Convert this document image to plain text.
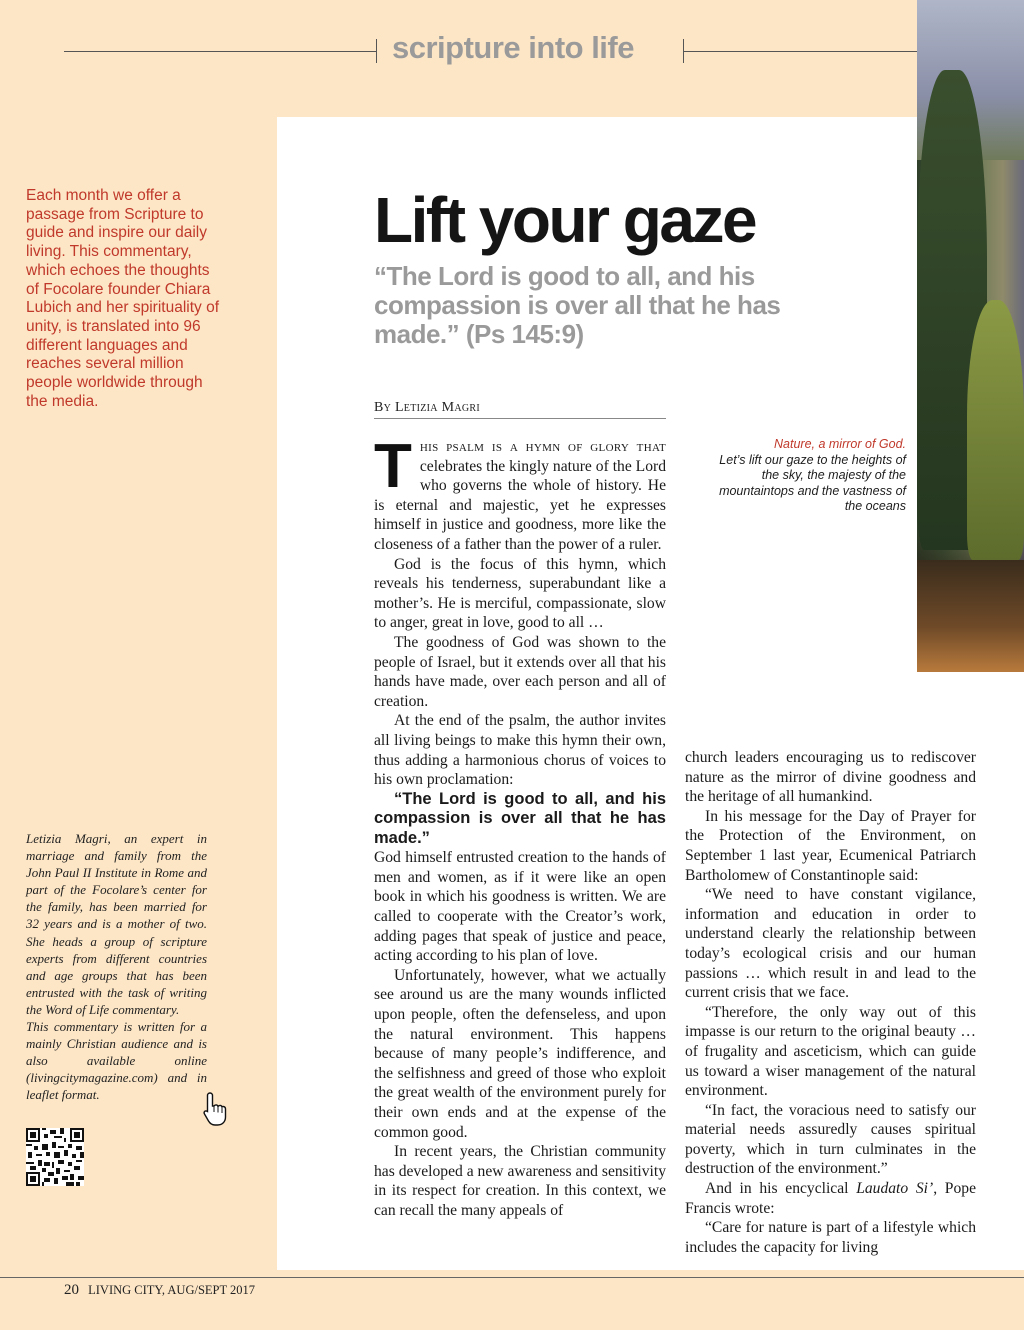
scripture into life

Each month we offer a passage from Scripture to guide and inspire our daily living. This commentary, which echoes the thoughts of Focolare founder Chiara Lubich and her spirituality of unity, is translated into 96 different languages and reaches several million people worldwide through the media.

Lift your gaze

“The Lord is good to all, and his compassion is over all that he has made.” (Ps 145:9)

By Letizia Magri

Nature, a mirror of God.
Let’s lift our gaze to the heights of the sky, the majesty of the mountaintops and the vastness of the oceans

This psalm is a hymn of glory that celebrates the kingly nature of the Lord who governs the whole of history. He is eternal and majestic, yet he expresses himself in justice and goodness, more like the closeness of a father than the power of a ruler.

God is the focus of this hymn, which reveals his tenderness, superabundant like a mother’s. He is merciful, compassionate, slow to anger, great in love, good to all …

The goodness of God was shown to the people of Israel, but it extends over all that his hands have made, over each person and all of creation.

At the end of the psalm, the author invites all living beings to make this hymn their own, thus adding a harmonious chorus of voices to his own proclamation:

“The Lord is good to all, and his compassion is over all that he has made.”

God himself entrusted creation to the hands of men and women, as if it were like an open book in which his goodness is written. We are called to cooperate with the Creator’s work, adding pages that speak of justice and peace, acting according to his plan of love.

Unfortunately, however, what we actually see around us are the many wounds inflicted upon people, often the defenseless, and upon the natural environment. This happens because of many people’s indifference, and the selfishness and greed of those who exploit the great wealth of the environment purely for their own ends and at the expense of the common good.

In recent years, the Christian community has developed a new awareness and sensitivity in its respect for creation. In this context, we can recall the many appeals of

church leaders encouraging us to rediscover nature as the mirror of divine goodness and the heritage of all humankind.

In his message for the Day of Prayer for the Protection of the Environment, on September 1 last year, Ecumenical Patriarch Bartholomew of Constantinople said:

“We need to have constant vigilance, information and education in order to understand clearly the relationship between today’s ecological crisis and our human passions … which result in and lead to the current crisis that we face.

“Therefore, the only way out of this impasse is our return to the original beauty … of frugality and asceticism, which can guide us toward a wiser management of the natural environment.

“In fact, the voracious need to satisfy our material needs assuredly causes spiritual poverty, which in turn culminates in the destruction of the environment.”

And in his encyclical Laudato Si’, Pope Francis wrote:

“Care for nature is part of a lifestyle which includes the capacity for living

Letizia Magri, an expert in marriage and family from the John Paul II Institute in Rome and part of the Focolare’s center for the family, has been married for 32 years and is a mother of two. She heads a group of scripture experts from different countries and age groups that has been entrusted with the task of writing the Word of Life commentary.
This commentary is written for a mainly Christian audience and is also available online (livingcitymagazine.com) and in leaflet format.

20 LIVING CITY, AUG/SEPT 2017
